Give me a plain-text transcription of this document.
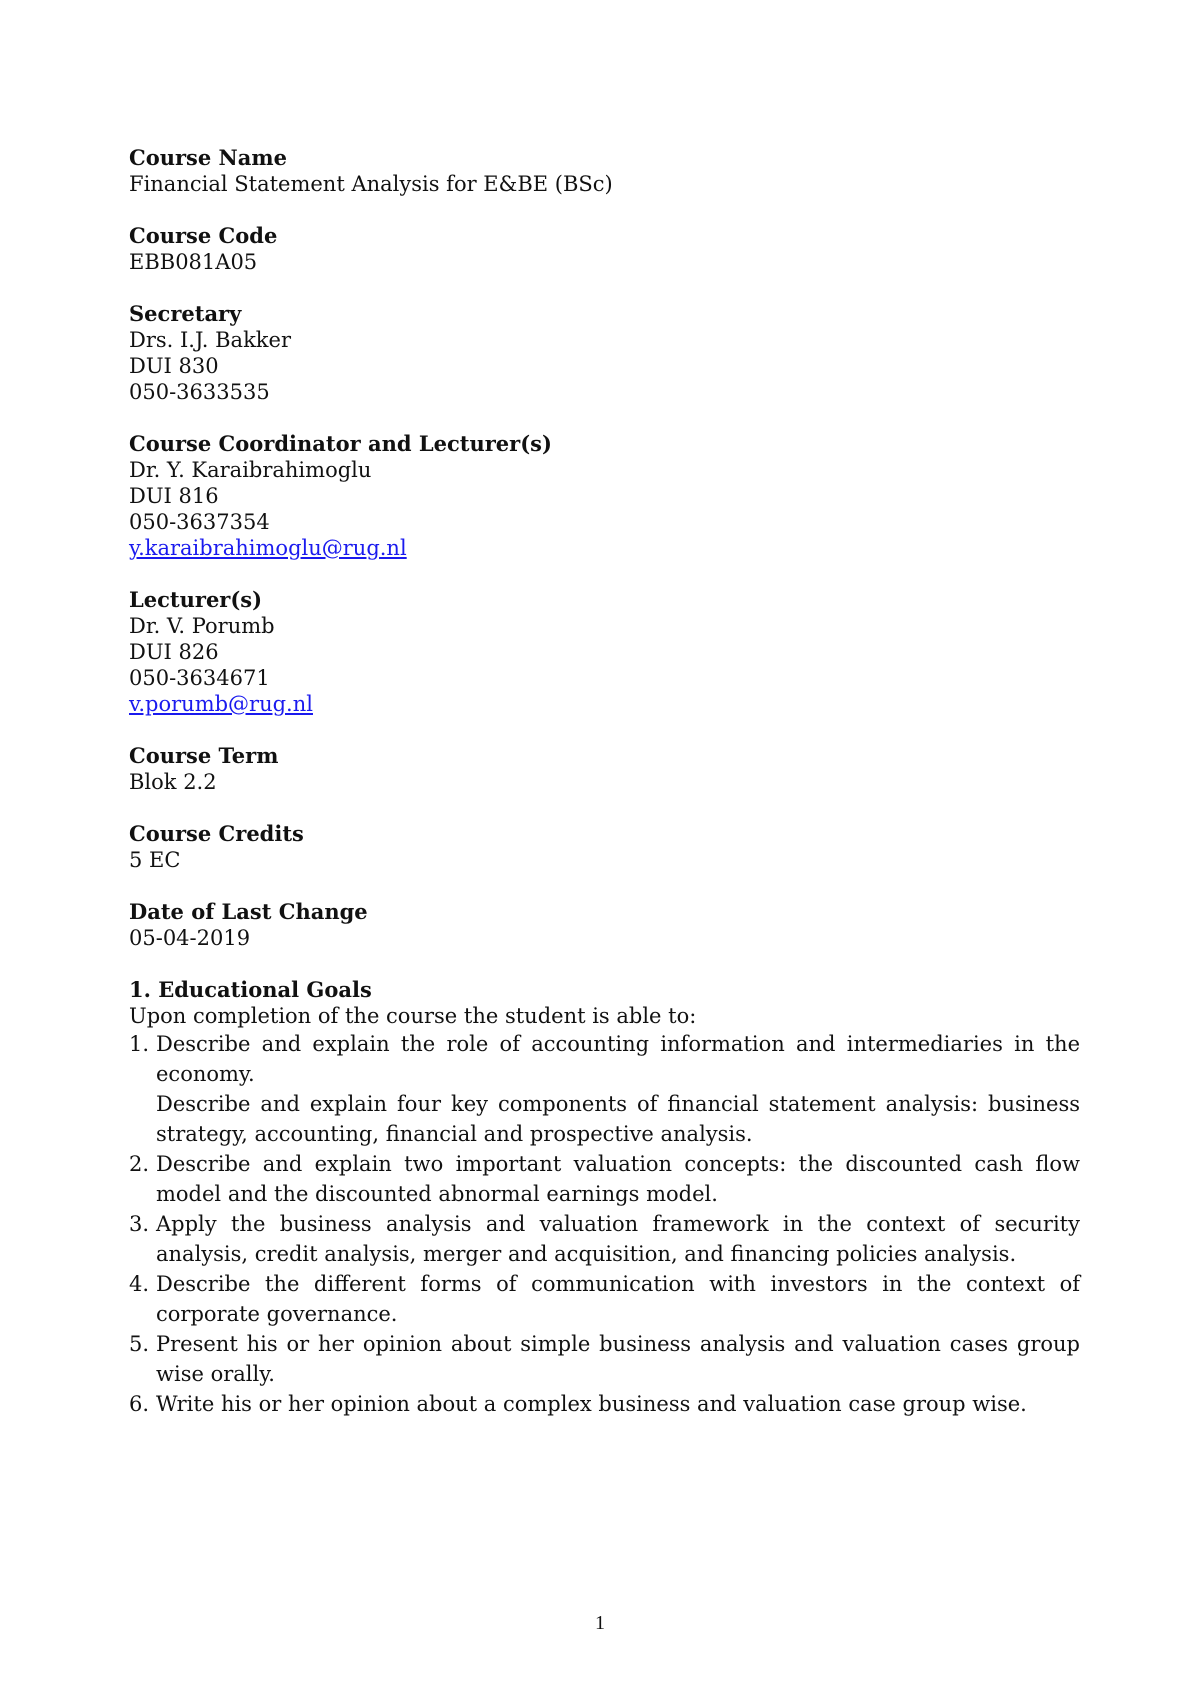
Course Name
Financial Statement Analysis for E&BE (BSc)
Course Code
EBB081A05
Secretary
Drs. I.J. Bakker
DUI 830
050-3633535
Course Coordinator and Lecturer(s)
Dr. Y. Karaibrahimoglu
DUI 816
050-3637354
y.karaibrahimoglu@rug.nl
Lecturer(s)
Dr. V. Porumb
DUI 826
050-3634671
v.porumb@rug.nl
Course Term
Blok 2.2
Course Credits
5 EC
Date of Last Change
05-04-2019
1. Educational Goals
Upon completion of the course the student is able to:
1. Describe and explain the role of accounting information and intermediaries in the economy.
Describe and explain four key components of financial statement analysis: business strategy, accounting, financial and prospective analysis.
2. Describe and explain two important valuation concepts: the discounted cash flow model and the discounted abnormal earnings model.
3. Apply the business analysis and valuation framework in the context of security analysis, credit analysis, merger and acquisition, and financing policies analysis.
4. Describe the different forms of communication with investors in the context of corporate governance.
5. Present his or her opinion about simple business analysis and valuation cases group wise orally.
6. Write his or her opinion about a complex business and valuation case group wise.
1
